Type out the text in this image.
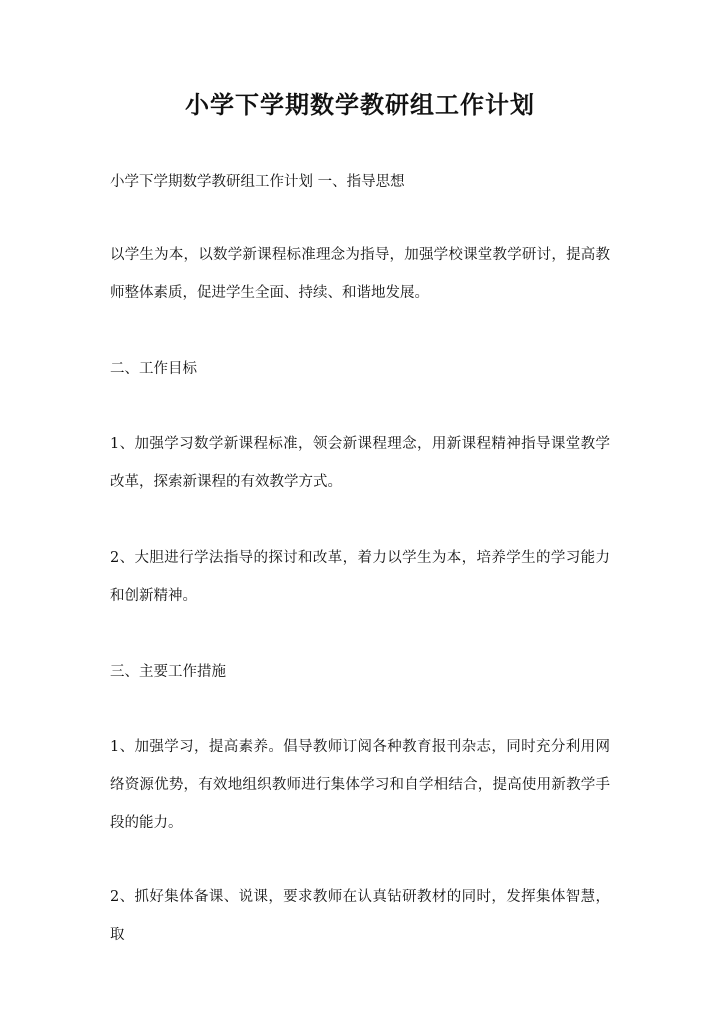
小学下学期数学教研组工作计划

小学下学期数学教研组工作计划 一、指导思想

以学生为本，以数学新课程标准理念为指导，加强学校课堂教学研讨，提高教师整体素质，促进学生全面、持续、和谐地发展。

二、工作目标

1、加强学习数学新课程标准，领会新课程理念，用新课程精神指导课堂教学改革，探索新课程的有效教学方式。

2、大胆进行学法指导的探讨和改革，着力以学生为本，培养学生的学习能力和创新精神。

三、主要工作措施

1、加强学习，提高素养。倡导教师订阅各种教育报刊杂志，同时充分利用网络资源优势，有效地组织教师进行集体学习和自学相结合，提高使用新教学手段的能力。

2、抓好集体备课、说课，要求教师在认真钻研教材的同时，发挥集体智慧，取
